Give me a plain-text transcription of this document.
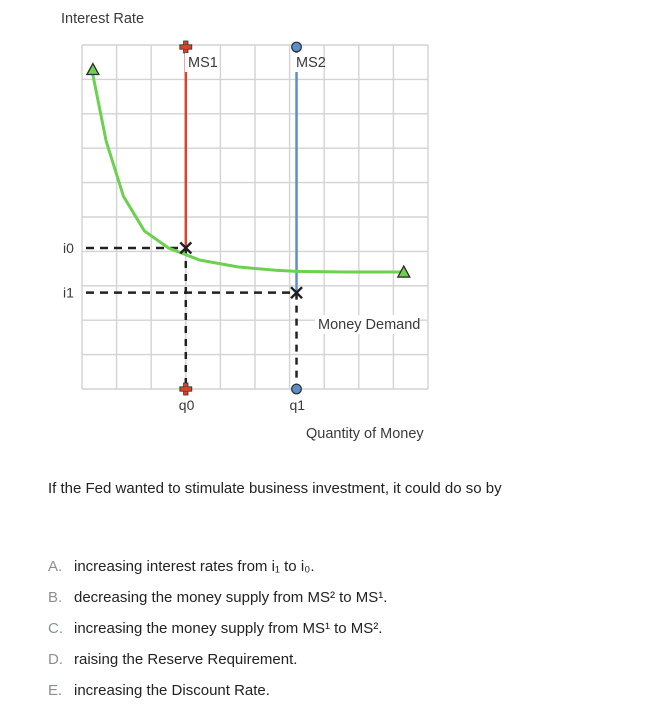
Interest Rate
Quantity of Money
MS1	MS2
Money Demand
i0
i1
q0	q1
If the Fed wanted to stimulate business investment, it could do so by
A. increasing interest rates from i₁ to i₀.
B. decreasing the money supply from MS² to MS¹.
C. increasing the money supply from MS¹ to MS².
D. raising the Reserve Requirement.
E. increasing the Discount Rate.
